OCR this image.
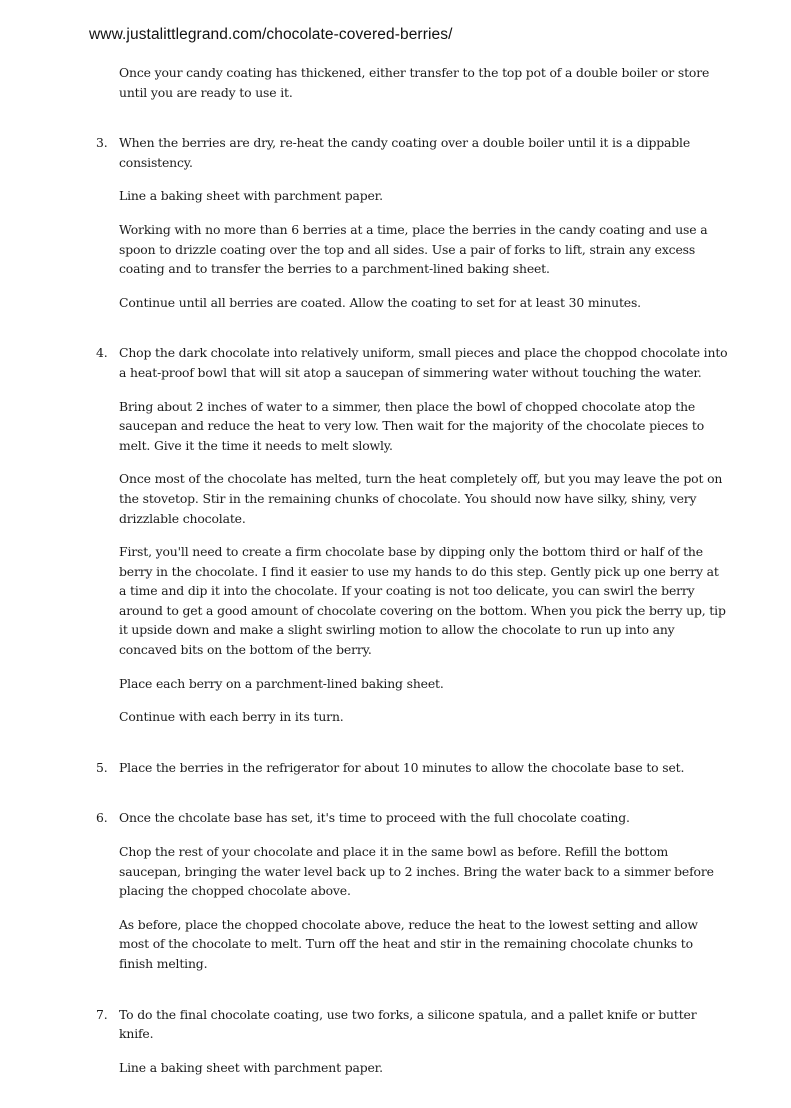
www.justalittlegrand.com/chocolate-covered-berries/

Once your candy coating has thickened, either transfer to the top pot of a double boiler or store until you are ready to use it.

3. When the berries are dry, re-heat the candy coating over a double boiler until it is a dippable consistency.

Line a baking sheet with parchment paper.

Working with no more than 6 berries at a time, place the berries in the candy coating and use a spoon to drizzle coating over the top and all sides. Use a pair of forks to lift, strain any excess coating and to transfer the berries to a parchment-lined baking sheet.

Continue until all berries are coated. Allow the coating to set for at least 30 minutes.

4. Chop the dark chocolate into relatively uniform, small pieces and place the choppod chocolate into a heat-proof bowl that will sit atop a saucepan of simmering water without touching the water.

Bring about 2 inches of water to a simmer, then place the bowl of chopped chocolate atop the saucepan and reduce the heat to very low. Then wait for the majority of the chocolate pieces to melt. Give it the time it needs to melt slowly.

Once most of the chocolate has melted, turn the heat completely off, but you may leave the pot on the stovetop. Stir in the remaining chunks of chocolate. You should now have silky, shiny, very drizzlable chocolate.

First, you'll need to create a firm chocolate base by dipping only the bottom third or half of the berry in the chocolate. I find it easier to use my hands to do this step. Gently pick up one berry at a time and dip it into the chocolate. If your coating is not too delicate, you can swirl the berry around to get a good amount of chocolate covering on the bottom. When you pick the berry up, tip it upside down and make a slight swirling motion to allow the chocolate to run up into any concaved bits on the bottom of the berry.

Place each berry on a parchment-lined baking sheet.

Continue with each berry in its turn.

5. Place the berries in the refrigerator for about 10 minutes to allow the chocolate base to set.

6. Once the chcolate base has set, it's time to proceed with the full chocolate coating.

Chop the rest of your chocolate and place it in the same bowl as before. Refill the bottom saucepan, bringing the water level back up to 2 inches. Bring the water back to a simmer before placing the chopped chocolate above.

As before, place the chopped chocolate above, reduce the heat to the lowest setting and allow most of the chocolate to melt. Turn off the heat and stir in the remaining chocolate chunks to finish melting.

7. To do the final chocolate coating, use two forks, a silicone spatula, and a pallet knife or butter knife.

Line a baking sheet with parchment paper.
